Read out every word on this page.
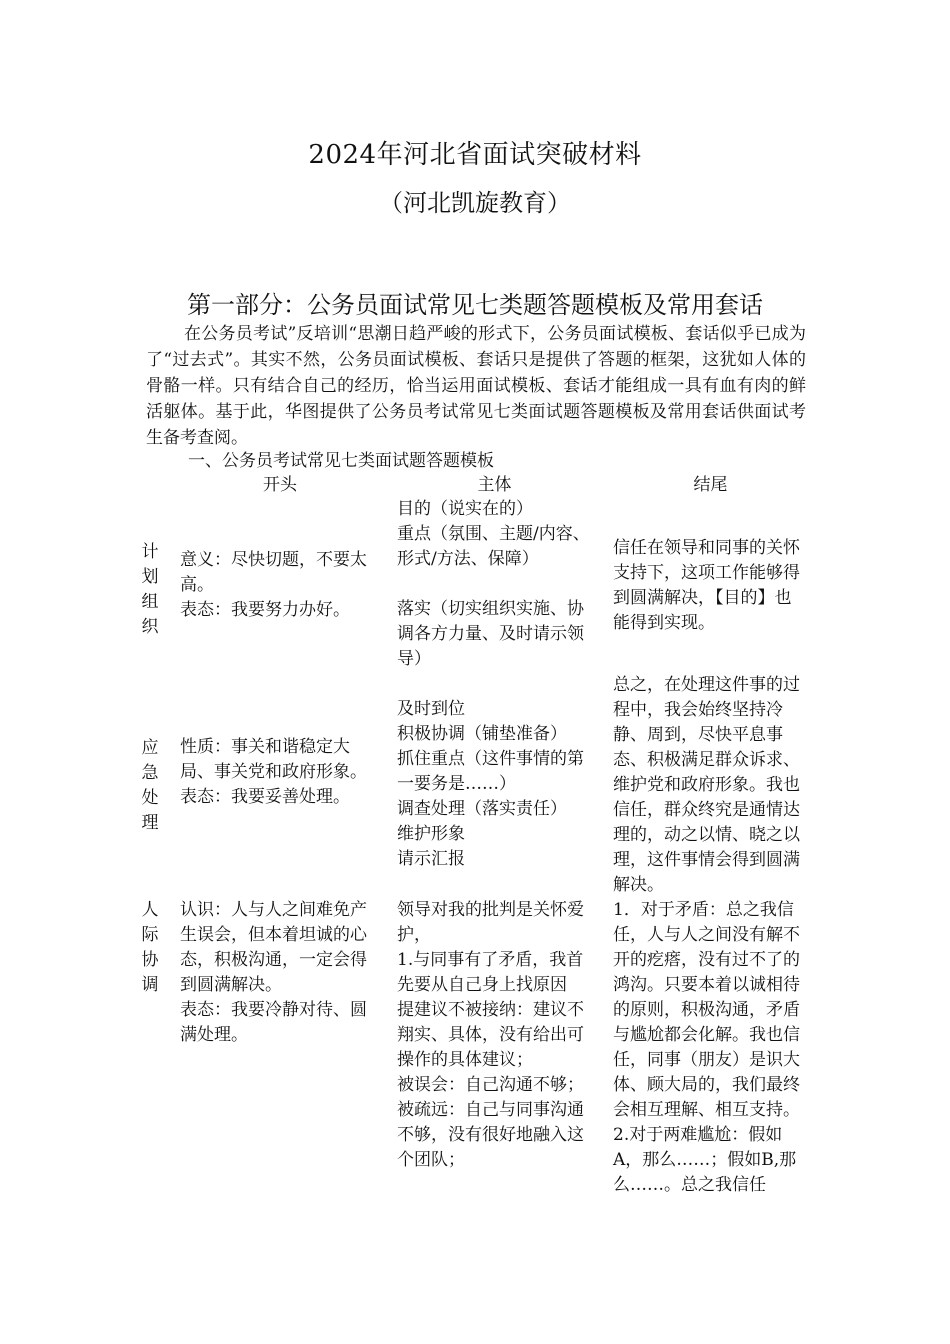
2024年河北省面试突破材料
（河北凯旋教育）
第一部分：公务员面试常见七类题答题模板及常用套话
在公务员考试”反培训“思潮日趋严峻的形式下，公务员面试模板、套话似乎已成为了“过去式”。其实不然，公务员面试模板、套话只是提供了答题的框架，这犹如人体的骨骼一样。只有结合自己的经历，恰当运用面试模板、套话才能组成一具有血有肉的鲜活躯体。基于此，华图提供了公务员考试常见七类面试题答题模板及常用套话供面试考生备考查阅。
一、公务员考试常见七类面试题答题模板
开头	主体	结尾
计
划
组
织
意义：尽快切题，不要太高。
表态：我要努力办好。
目的（说实在的）
重点（氛围、主题/内容、形式/方法、保障）

落实（切实组织实施、协调各方力量、及时请示领导）
信任在领导和同事的关怀支持下，这项工作能够得到圆满解决，【目的】也能得到实现。
应
急
处
理
性质：事关和谐稳定大局、事关党和政府形象。
表态：我要妥善处理。
及时到位
积极协调（铺垫准备）
抓住重点（这件事情的第一要务是……）
调查处理（落实责任）
维护形象
请示汇报
总之，在处理这件事的过程中，我会始终坚持冷静、周到，尽快平息事态、积极满足群众诉求、维护党和政府形象。我也信任，群众终究是通情达理的，动之以情、晓之以理，这件事情会得到圆满解决。
人
际
协
调
认识：人与人之间难免产生误会，但本着坦诚的心态，积极沟通，一定会得到圆满解决。
表态：我要冷静对待、圆满处理。
领导对我的批判是关怀爱护，
1.与同事有了矛盾，我首先要从自己身上找原因
提建议不被接纳：建议不翔实、具体，没有给出可操作的具体建议；
被误会：自己沟通不够；
被疏远：自己与同事沟通不够，没有很好地融入这个团队；
1．对于矛盾：总之我信任，人与人之间没有解不开的疙瘩，没有过不了的鸿沟。只要本着以诚相待的原则，积极沟通，矛盾与尴尬都会化解。我也信任，同事（朋友）是识大体、顾大局的，我们最终会相互理解、相互支持。
2.对于两难尴尬：假如A，那么……；假如B,那么……。总之我信任
